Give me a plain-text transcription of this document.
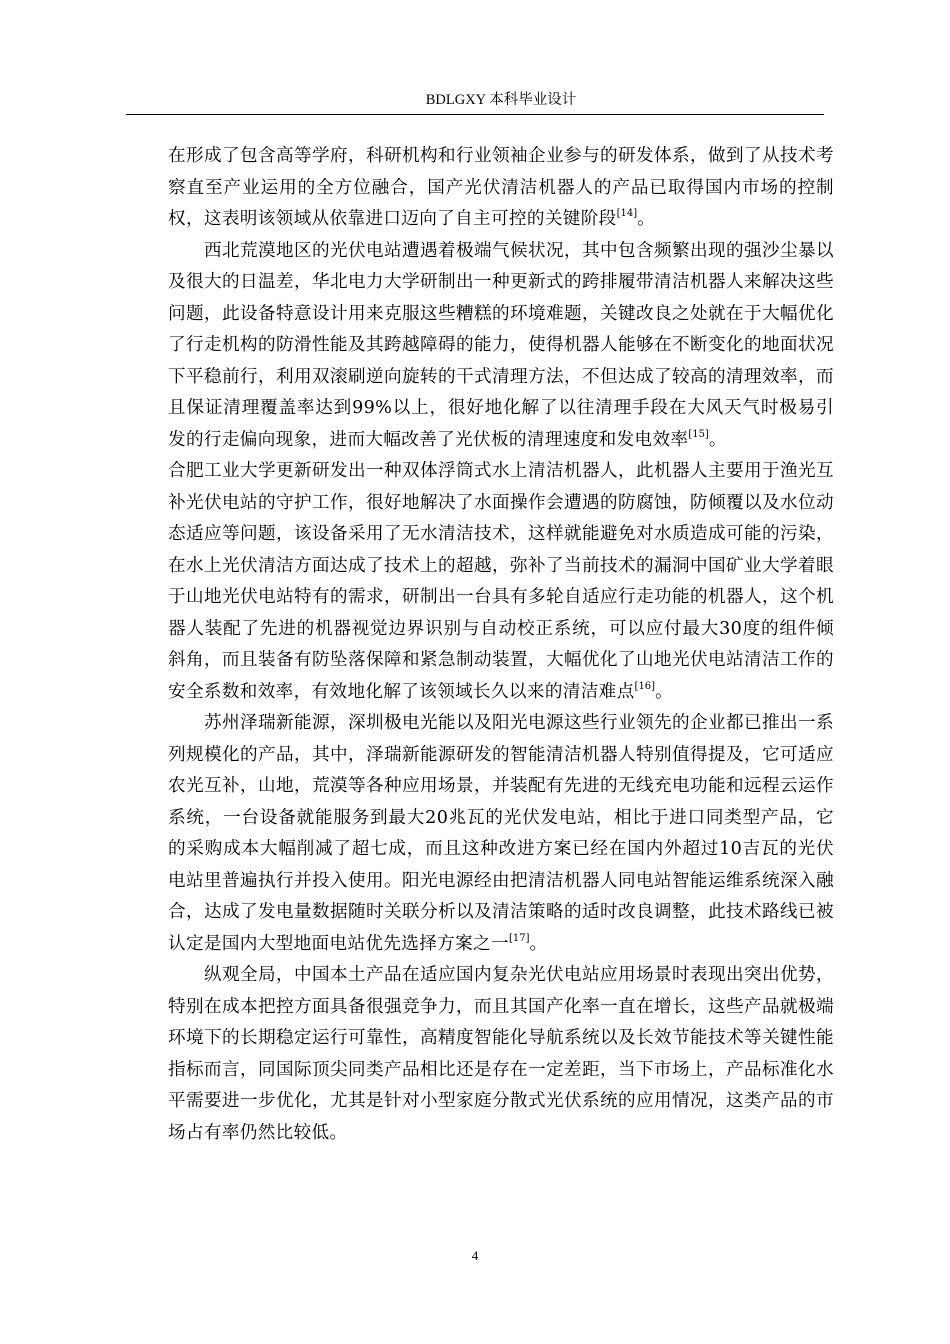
BDLGXY 本科毕业设计

在形成了包含高等学府，科研机构和行业领袖企业参与的研发体系，做到了从技术考察直至产业运用的全方位融合，国产光伏清洁机器人的产品已取得国内市场的控制权，这表明该领域从依靠进口迈向了自主可控的关键阶段[14]。

西北荒漠地区的光伏电站遭遇着极端气候状况，其中包含频繁出现的强沙尘暴以及很大的日温差，华北电力大学研制出一种更新式的跨排履带清洁机器人来解决这些问题，此设备特意设计用来克服这些糟糕的环境难题，关键改良之处就在于大幅优化了行走机构的防滑性能及其跨越障碍的能力，使得机器人能够在不断变化的地面状况下平稳前行，利用双滚刷逆向旋转的干式清理方法，不但达成了较高的清理效率，而且保证清理覆盖率达到99%以上，很好地化解了以往清理手段在大风天气时极易引发的行走偏向现象，进而大幅改善了光伏板的清理速度和发电效率[15]。

合肥工业大学更新研发出一种双体浮筒式水上清洁机器人，此机器人主要用于渔光互补光伏电站的守护工作，很好地解决了水面操作会遭遇的防腐蚀，防倾覆以及水位动态适应等问题，该设备采用了无水清洁技术，这样就能避免对水质造成可能的污染，在水上光伏清洁方面达成了技术上的超越，弥补了当前技术的漏洞中国矿业大学着眼于山地光伏电站特有的需求，研制出一台具有多轮自适应行走功能的机器人，这个机器人装配了先进的机器视觉边界识别与自动校正系统，可以应付最大30度的组件倾斜角，而且装备有防坠落保障和紧急制动装置，大幅优化了山地光伏电站清洁工作的安全系数和效率，有效地化解了该领域长久以来的清洁难点[16]。

苏州泽瑞新能源，深圳极电光能以及阳光电源这些行业领先的企业都已推出一系列规模化的产品，其中，泽瑞新能源研发的智能清洁机器人特别值得提及，它可适应农光互补，山地，荒漠等各种应用场景，并装配有先进的无线充电功能和远程云运作系统，一台设备就能服务到最大20兆瓦的光伏发电站，相比于进口同类型产品，它的采购成本大幅削减了超七成，而且这种改进方案已经在国内外超过10吉瓦的光伏电站里普遍执行并投入使用。阳光电源经由把清洁机器人同电站智能运维系统深入融合，达成了发电量数据随时关联分析以及清洁策略的适时改良调整，此技术路线已被认定是国内大型地面电站优先选择方案之一[17]。

纵观全局，中国本土产品在适应国内复杂光伏电站应用场景时表现出突出优势，特别在成本把控方面具备很强竞争力，而且其国产化率一直在增长，这些产品就极端环境下的长期稳定运行可靠性，高精度智能化导航系统以及长效节能技术等关键性能指标而言，同国际顶尖同类产品相比还是存在一定差距，当下市场上，产品标准化水平需要进一步优化，尤其是针对小型家庭分散式光伏系统的应用情况，这类产品的市场占有率仍然比较低。

4
